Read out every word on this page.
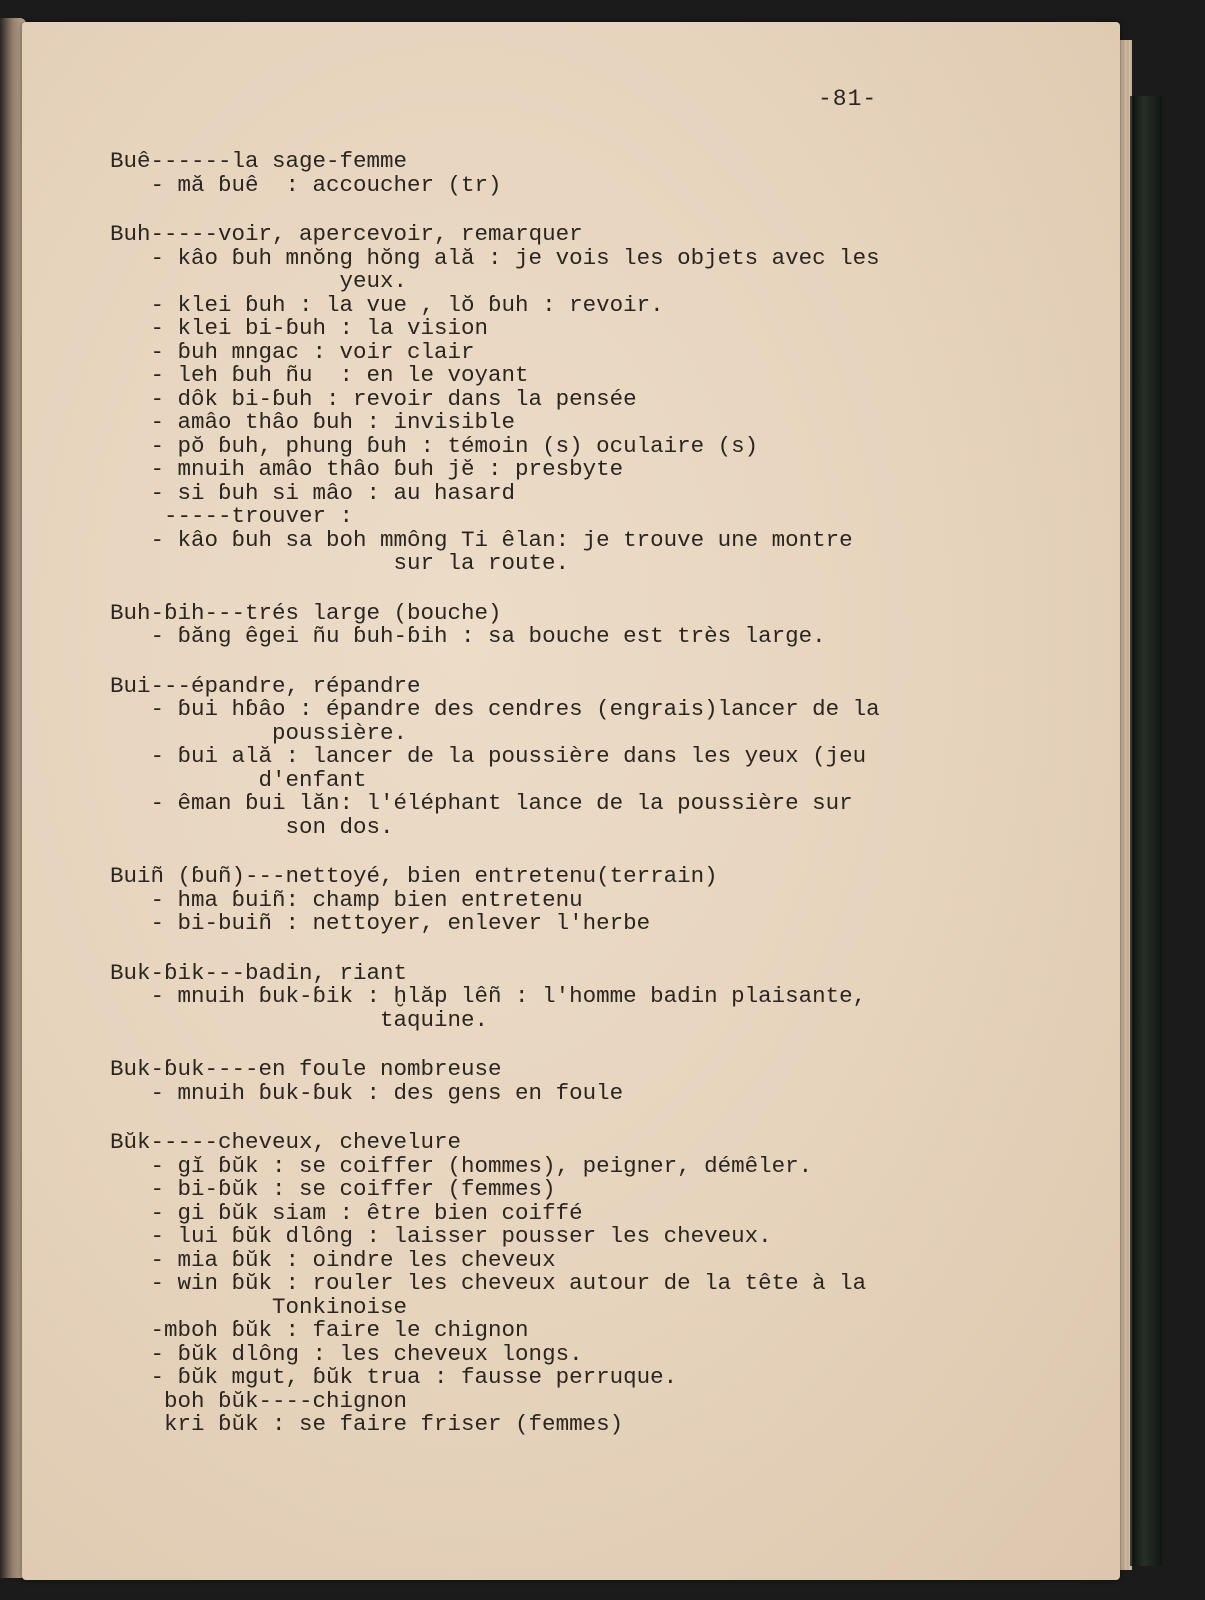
-81-
Buê------la sage-femme
- mă ɓuê  : accoucher (tr)
Buh-----voir, apercevoir, remarquer
- kâo ɓuh mnŏng hŏng ală : je vois les objets avec les
yeux.
- klei ɓuh : la vue , lŏ ɓuh : revoir.
- klei bi-ɓuh : la vision
- ɓuh mngac : voir clair
- leh ɓuh ñu  : en le voyant
- dôk bi-ɓuh : revoir dans la pensée
- amâo thâo ɓuh : invisible
- pŏ ɓuh, phung ɓuh : témoin (s) oculaire (s)
- mnuih amâo thâo ɓuh jĕ : presbyte
- si ɓuh si mâo : au hasard
-----trouver :
- kâo ɓuh sa boh mmông Ti êlan: je trouve une montre
sur la route.
Buh-ɓih---trés large (bouche)
- ɓăng êgei ñu ɓuh-ɓih : sa bouche est très large.
Bui---épandre, répandre
- ɓui hɓâo : épandre des cendres (engrais)lancer de la
poussière.
- ɓui ală : lancer de la poussière dans les yeux (jeu
d'enfant
- êman ɓui lăn: l'éléphant lance de la poussière sur
son dos.
Buiñ (ɓuñ)---nettoyé, bien entretenu(terrain)
- hma ɓuiñ: champ bien entretenu
- bi-buiñ : nettoyer, enlever l'herbe
Buk-ɓik---badin, riant
- mnuih ɓuk-ɓik : ḫlăp lêñ : l'homme badin plaisante,
taquine.
Buk-ɓuk----en foule nombreuse
- mnuih ɓuk-ɓuk : des gens en foule
Bŭk-----cheveux, chevelure
- gĭ ɓŭk : se coiffer (hommes), peigner, démêler.
- bi-ɓŭk : se coiffer (femmes)
- gi ɓŭk siam : être bien coiffé
- lui ɓŭk dlông : laisser pousser les cheveux.
- mia ɓŭk : oindre les cheveux
- win ɓŭk : rouler les cheveux autour de la tête à la
Tonkinoise
-mboh ɓŭk : faire le chignon
- ɓŭk dlông : les cheveux longs.
- ɓŭk mgut, ɓŭk trua : fausse perruque.
boh ɓŭk----chignon
kri ɓŭk : se faire friser (femmes)
